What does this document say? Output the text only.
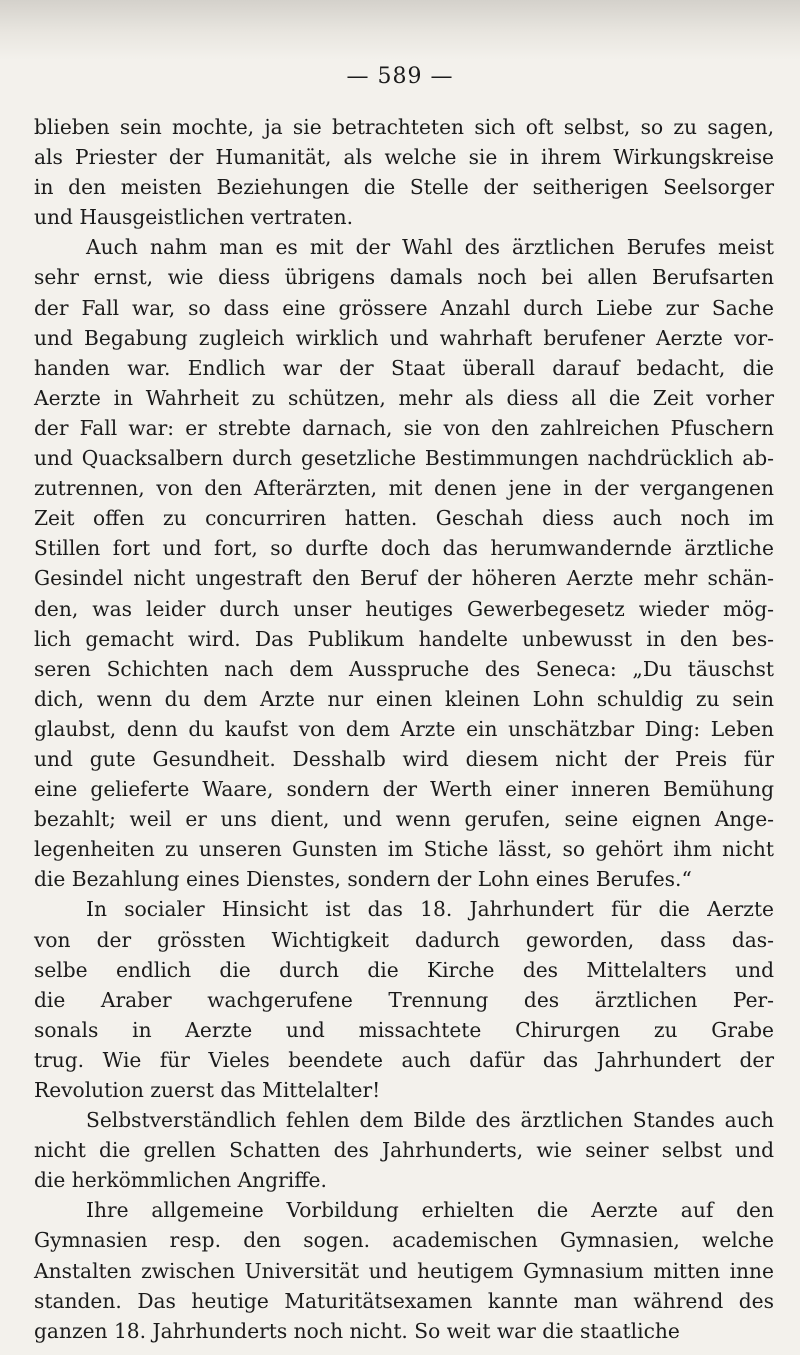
— 589 —

blieben sein mochte, ja sie betrachteten sich oft selbst, so zu sagen,
als Priester der Humanität, als welche sie in ihrem Wirkungskreise
in den meisten Beziehungen die Stelle der seitherigen Seelsorger
und Hausgeistlichen vertraten.

Auch nahm man es mit der Wahl des ärztlichen Berufes meist
sehr ernst, wie diess übrigens damals noch bei allen Berufsarten
der Fall war, so dass eine grössere Anzahl durch Liebe zur Sache
und Begabung zugleich wirklich und wahrhaft berufener Aerzte vor-
handen war. Endlich war der Staat überall darauf bedacht, die
Aerzte in Wahrheit zu schützen, mehr als diess all die Zeit vorher
der Fall war: er strebte darnach, sie von den zahlreichen Pfuschern
und Quacksalbern durch gesetzliche Bestimmungen nachdrücklich ab-
zutrennen, von den Afterärzten, mit denen jene in der vergangenen
Zeit offen zu concurriren hatten. Geschah diess auch noch im
Stillen fort und fort, so durfte doch das herumwandernde ärztliche
Gesindel nicht ungestraft den Beruf der höheren Aerzte mehr schän-
den, was leider durch unser heutiges Gewerbegesetz wieder mög-
lich gemacht wird. Das Publikum handelte unbewusst in den bes-
seren Schichten nach dem Ausspruche des Seneca: „Du täuschst
dich, wenn du dem Arzte nur einen kleinen Lohn schuldig zu sein
glaubst, denn du kaufst von dem Arzte ein unschätzbar Ding: Leben
und gute Gesundheit. Desshalb wird diesem nicht der Preis für
eine gelieferte Waare, sondern der Werth einer inneren Bemühung
bezahlt; weil er uns dient, und wenn gerufen, seine eignen Ange-
legenheiten zu unseren Gunsten im Stiche lässt, so gehört ihm nicht
die Bezahlung eines Dienstes, sondern der Lohn eines Berufes.“

In socialer Hinsicht ist das 18. Jahrhundert für die Aerzte
von der grössten Wichtigkeit dadurch geworden, dass das-
selbe endlich die durch die Kirche des Mittelalters und
die Araber wachgerufene Trennung des ärztlichen Per-
sonals in Aerzte und missachtete Chirurgen zu Grabe
trug. Wie für Vieles beendete auch dafür das Jahrhundert der
Revolution zuerst das Mittelalter!

Selbstverständlich fehlen dem Bilde des ärztlichen Standes auch
nicht die grellen Schatten des Jahrhunderts, wie seiner selbst und
die herkömmlichen Angriffe.

Ihre allgemeine Vorbildung erhielten die Aerzte auf den
Gymnasien resp. den sogen. academischen Gymnasien, welche
Anstalten zwischen Universität und heutigem Gymnasium mitten inne
standen. Das heutige Maturitätsexamen kannte man während des
ganzen 18. Jahrhunderts noch nicht. So weit war die staatliche
